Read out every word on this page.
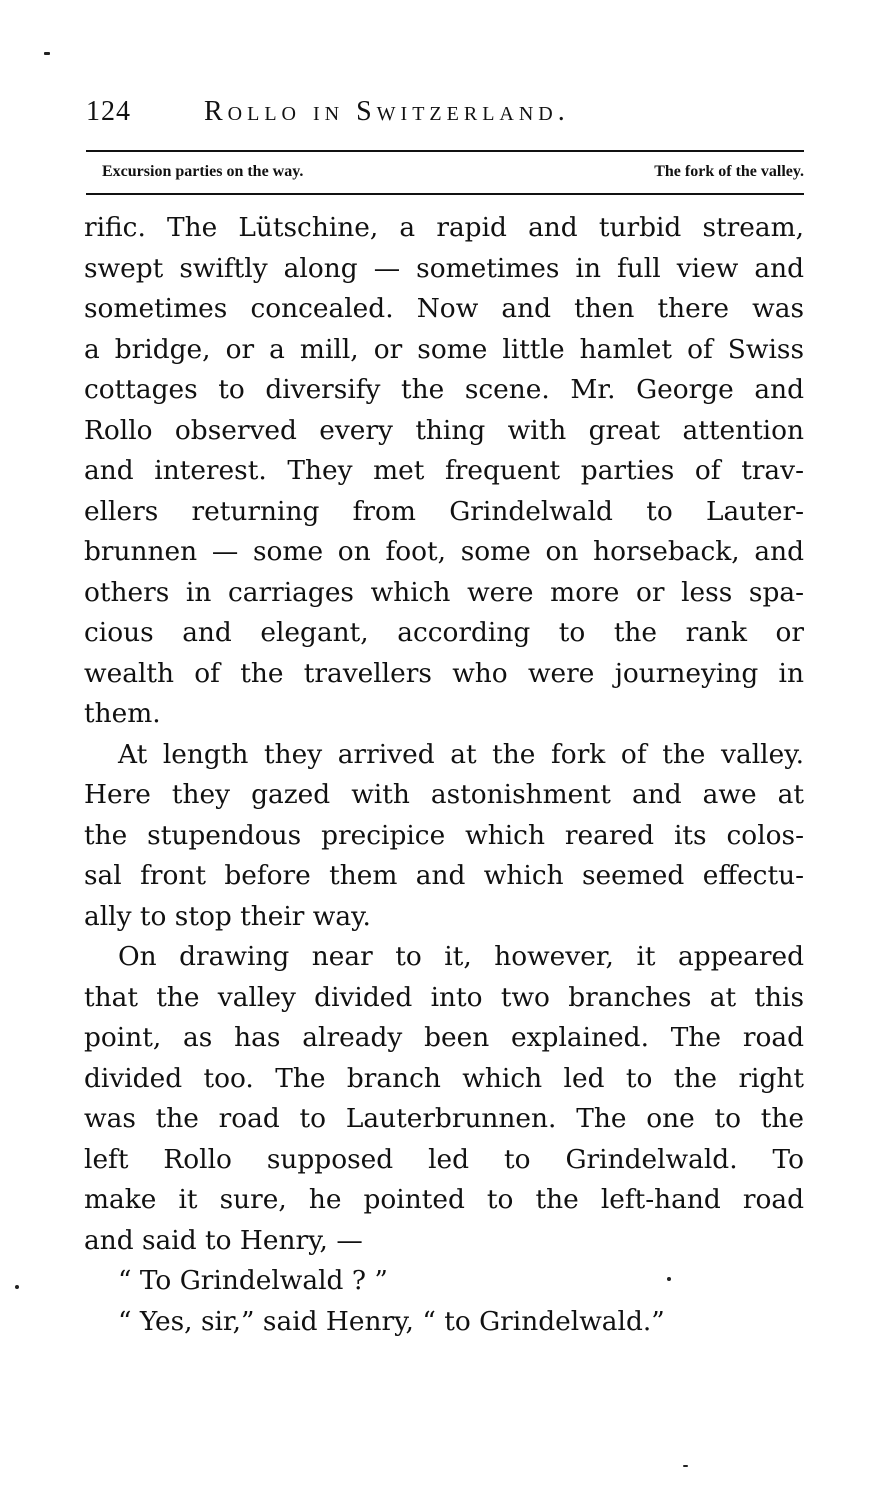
124	Rollo in Switzerland.
Excursion parties on the way.	The fork of the valley.
rific. The Lütschine, a rapid and turbid stream,
swept swiftly along — sometimes in full view and
sometimes concealed. Now and then there was
a bridge, or a mill, or some little hamlet of Swiss
cottages to diversify the scene. Mr. George and
Rollo observed every thing with great attention
and interest. They met frequent parties of trav-
ellers returning from Grindelwald to Lauter-
brunnen — some on foot, some on horseback, and
others in carriages which were more or less spa-
cious and elegant, according to the rank or
wealth of the travellers who were journeying in
them.
At length they arrived at the fork of the valley.
Here they gazed with astonishment and awe at
the stupendous precipice which reared its colos-
sal front before them and which seemed effectu-
ally to stop their way.
On drawing near to it, however, it appeared
that the valley divided into two branches at this
point, as has already been explained. The road
divided too. The branch which led to the right
was the road to Lauterbrunnen. The one to the
left Rollo supposed led to Grindelwald. To
make it sure, he pointed to the left-hand road
and said to Henry, —
“ To Grindelwald ? ”
“ Yes, sir,” said Henry, “ to Grindelwald.”
